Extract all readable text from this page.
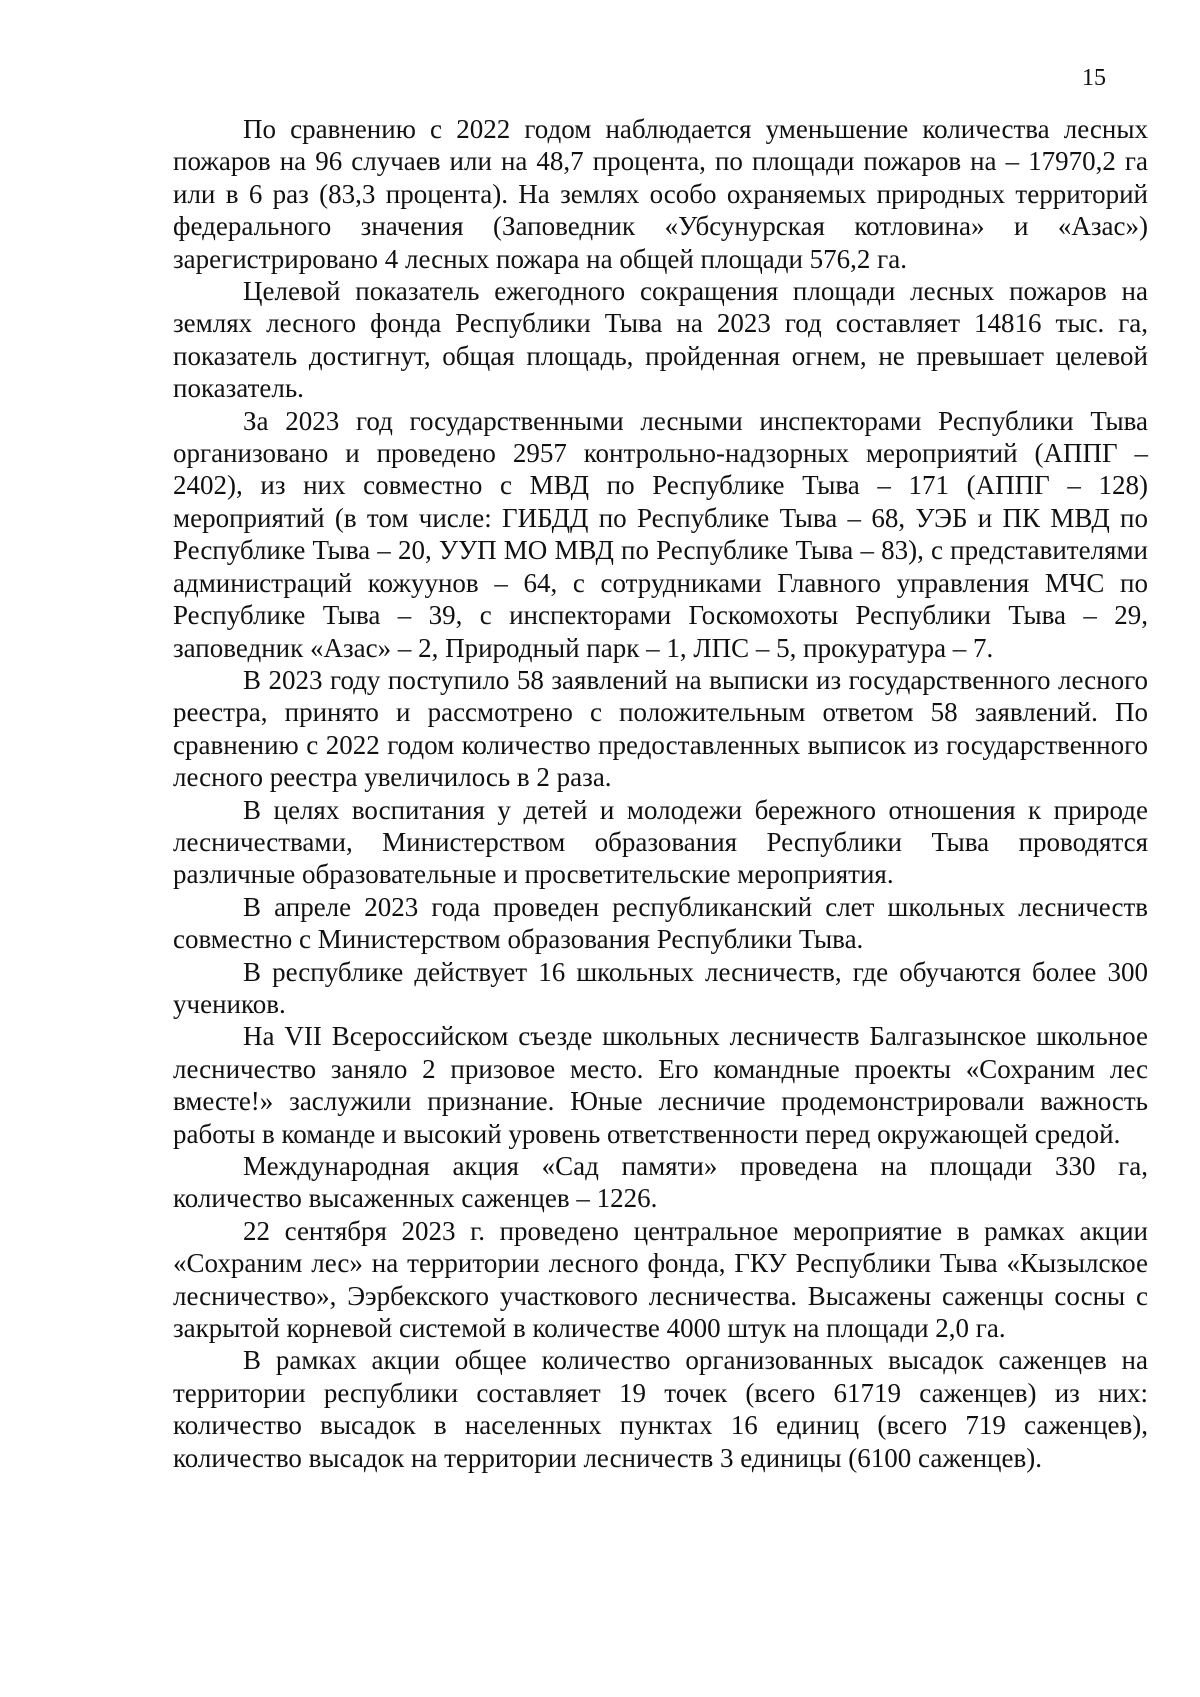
15

По сравнению с 2022 годом наблюдается уменьшение количества лесных пожаров на 96 случаев или на 48,7 процента, по площади пожаров на – 17970,2 га или в 6 раз (83,3 процента). На землях особо охраняемых природных территорий федерального значения (Заповедник «Убсунурская котловина» и «Азас») зарегистрировано 4 лесных пожара на общей площади 576,2 га.

Целевой показатель ежегодного сокращения площади лесных пожаров на землях лесного фонда Республики Тыва на 2023 год составляет 14816 тыс. га, показатель достигнут, общая площадь, пройденная огнем, не превышает целевой показатель.

За 2023 год государственными лесными инспекторами Республики Тыва организовано и проведено 2957 контрольно-надзорных мероприятий (АППГ – 2402), из них совместно с МВД по Республике Тыва – 171 (АППГ – 128) мероприятий (в том числе: ГИБДД по Республике Тыва – 68, УЭБ и ПК МВД по Республике Тыва – 20, УУП МО МВД по Республике Тыва – 83), с представителями администраций кожуунов – 64, с сотрудниками Главного управления МЧС по Республике Тыва – 39, с инспекторами Госкомохоты Республики Тыва – 29, заповедник «Азас» – 2, Природный парк – 1, ЛПС – 5, прокуратура – 7.

В 2023 году поступило 58 заявлений на выписки из государственного лесного реестра, принято и рассмотрено с положительным ответом 58 заявлений. По сравнению с 2022 годом количество предоставленных выписок из государственного лесного реестра увеличилось в 2 раза.

В целях воспитания у детей и молодежи бережного отношения к природе лесничествами, Министерством образования Республики Тыва проводятся различные образовательные и просветительские мероприятия.

В апреле 2023 года проведен республиканский слет школьных лесничеств совместно с Министерством образования Республики Тыва.

В республике действует 16 школьных лесничеств, где обучаются более 300 учеников.

На VII Всероссийском съезде школьных лесничеств Балгазынское школьное лесничество заняло 2 призовое место. Его командные проекты «Сохраним лес вместе!» заслужили признание. Юные лесничие продемонстрировали важность работы в команде и высокий уровень ответственности перед окружающей средой.

Международная акция «Сад памяти» проведена на площади 330 га, количество высаженных саженцев – 1226.

22 сентября 2023 г. проведено центральное мероприятие в рамках акции «Сохраним лес» на территории лесного фонда, ГКУ Республики Тыва «Кызылское лесничество», Ээрбекского участкового лесничества. Высажены саженцы сосны с закрытой корневой системой в количестве 4000 штук на площади 2,0 га.

В рамках акции общее количество организованных высадок саженцев на территории республики составляет 19 точек (всего 61719 саженцев) из них: количество высадок в населенных пунктах 16 единиц (всего 719 саженцев), количество высадок на территории лесничеств 3 единицы (6100 саженцев).
